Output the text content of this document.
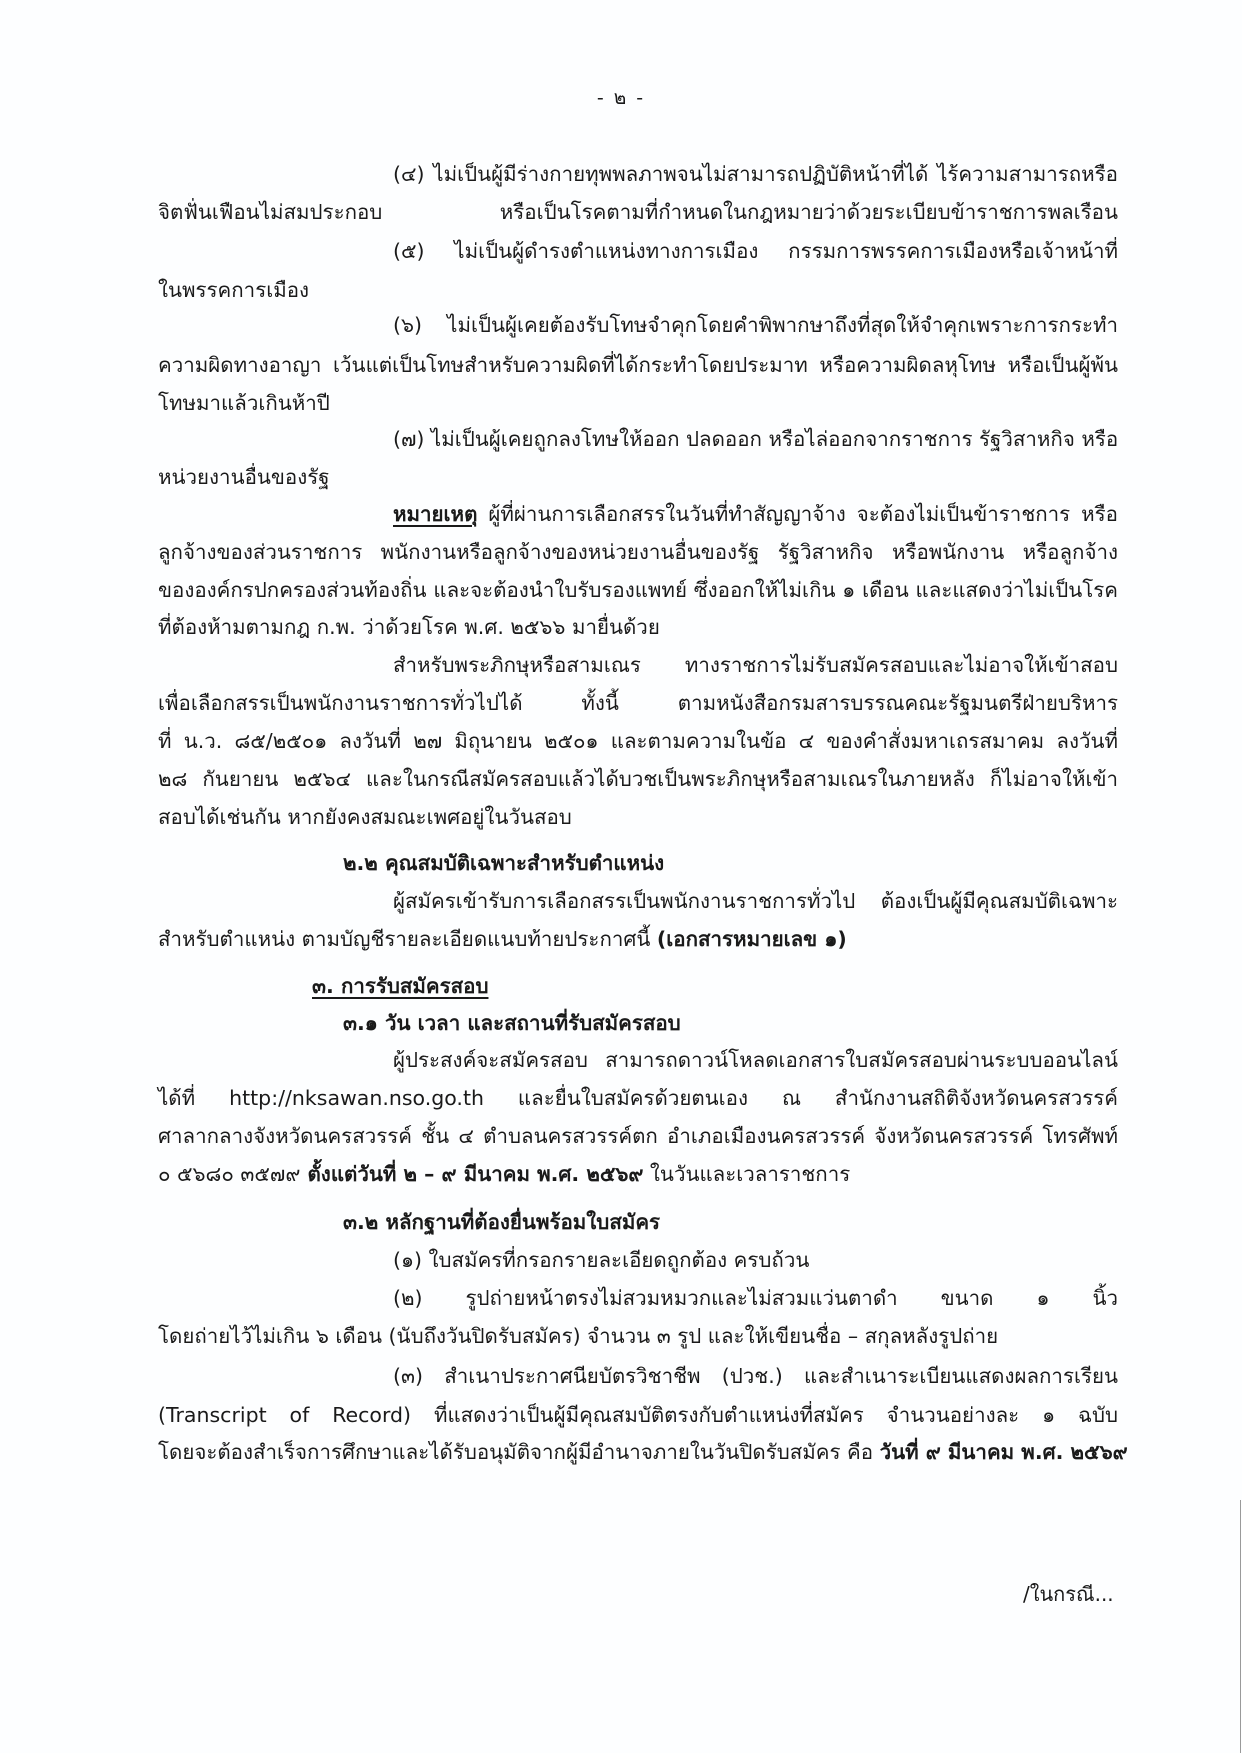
- ๒ -
(๔) ไม่เป็นผู้มีร่างกายทุพพลภาพจนไม่สามารถปฏิบัติหน้าที่ได้ ไร้ความสามารถหรือ
จิตฟั่นเฟือนไม่สมประกอบ หรือเป็นโรคตามที่กำหนดในกฎหมายว่าด้วยระเบียบข้าราชการพลเรือน
(๕) ไม่เป็นผู้ดำรงตำแหน่งทางการเมือง กรรมการพรรคการเมืองหรือเจ้าหน้าที่
ในพรรคการเมือง
(๖) ไม่เป็นผู้เคยต้องรับโทษจำคุกโดยคำพิพากษาถึงที่สุดให้จำคุกเพราะการกระทำ
ความผิดทางอาญา เว้นแต่เป็นโทษสำหรับความผิดที่ได้กระทำโดยประมาท หรือความผิดลหุโทษ หรือเป็นผู้พ้น
โทษมาแล้วเกินห้าปี
(๗) ไม่เป็นผู้เคยถูกลงโทษให้ออก ปลดออก หรือไล่ออกจากราชการ รัฐวิสาหกิจ หรือ
หน่วยงานอื่นของรัฐ
หมายเหตุ ผู้ที่ผ่านการเลือกสรรในวันที่ทำสัญญาจ้าง จะต้องไม่เป็นข้าราชการ หรือ
ลูกจ้างของส่วนราชการ พนักงานหรือลูกจ้างของหน่วยงานอื่นของรัฐ รัฐวิสาหกิจ หรือพนักงาน หรือลูกจ้าง
ขององค์กรปกครองส่วนท้องถิ่น และจะต้องนำใบรับรองแพทย์ ซึ่งออกให้ไม่เกิน ๑ เดือน และแสดงว่าไม่เป็นโรค
ที่ต้องห้ามตามกฎ ก.พ. ว่าด้วยโรค พ.ศ. ๒๕๖๖ มายื่นด้วย
สำหรับพระภิกษุหรือสามเณร ทางราชการไม่รับสมัครสอบและไม่อาจให้เข้าสอบ
เพื่อเลือกสรรเป็นพนักงานราชการทั่วไปได้ ทั้งนี้ ตามหนังสือกรมสารบรรณคณะรัฐมนตรีฝ่ายบริหาร
ที่ น.ว. ๘๕/๒๕๐๑ ลงวันที่ ๒๗ มิถุนายน ๒๕๐๑ และตามความในข้อ ๔ ของคำสั่งมหาเถรสมาคม ลงวันที่
๒๘ กันยายน ๒๕๖๔ และในกรณีสมัครสอบแล้วได้บวชเป็นพระภิกษุหรือสามเณรในภายหลัง ก็ไม่อาจให้เข้า
สอบได้เช่นกัน หากยังคงสมณะเพศอยู่ในวันสอบ
๒.๒ คุณสมบัติเฉพาะสำหรับตำแหน่ง
ผู้สมัครเข้ารับการเลือกสรรเป็นพนักงานราชการทั่วไป ต้องเป็นผู้มีคุณสมบัติเฉพาะ
สำหรับตำแหน่ง ตามบัญชีรายละเอียดแนบท้ายประกาศนี้ (เอกสารหมายเลข ๑)
๓. การรับสมัครสอบ
๓.๑ วัน เวลา และสถานที่รับสมัครสอบ
ผู้ประสงค์จะสมัครสอบ สามารถดาวน์โหลดเอกสารใบสมัครสอบผ่านระบบออนไลน์
ได้ที่ http://nksawan.nso.go.th และยื่นใบสมัครด้วยตนเอง ณ สำนักงานสถิติจังหวัดนครสวรรค์
ศาลากลางจังหวัดนครสวรรค์ ชั้น ๔ ตำบลนครสวรรค์ตก อำเภอเมืองนครสวรรค์ จังหวัดนครสวรรค์ โทรศัพท์
๐ ๕๖๘๐ ๓๕๗๙ ตั้งแต่วันที่ ๒ – ๙ มีนาคม พ.ศ. ๒๕๖๙ ในวันและเวลาราชการ
๓.๒ หลักฐานที่ต้องยื่นพร้อมใบสมัคร
(๑) ใบสมัครที่กรอกรายละเอียดถูกต้อง ครบถ้วน
(๒) รูปถ่ายหน้าตรงไม่สวมหมวกและไม่สวมแว่นตาดำ ขนาด ๑ นิ้ว
โดยถ่ายไว้ไม่เกิน ๖ เดือน (นับถึงวันปิดรับสมัคร) จำนวน ๓ รูป และให้เขียนชื่อ – สกุลหลังรูปถ่าย
(๓) สำเนาประกาศนียบัตรวิชาชีพ (ปวช.) และสำเนาระเบียนแสดงผลการเรียน
(Transcript of Record) ที่แสดงว่าเป็นผู้มีคุณสมบัติตรงกับตำแหน่งที่สมัคร จำนวนอย่างละ ๑ ฉบับ
โดยจะต้องสำเร็จการศึกษาและได้รับอนุมัติจากผู้มีอำนาจภายในวันปิดรับสมัคร คือ วันที่ ๙ มีนาคม พ.ศ. ๒๕๖๙
/ในกรณี...
